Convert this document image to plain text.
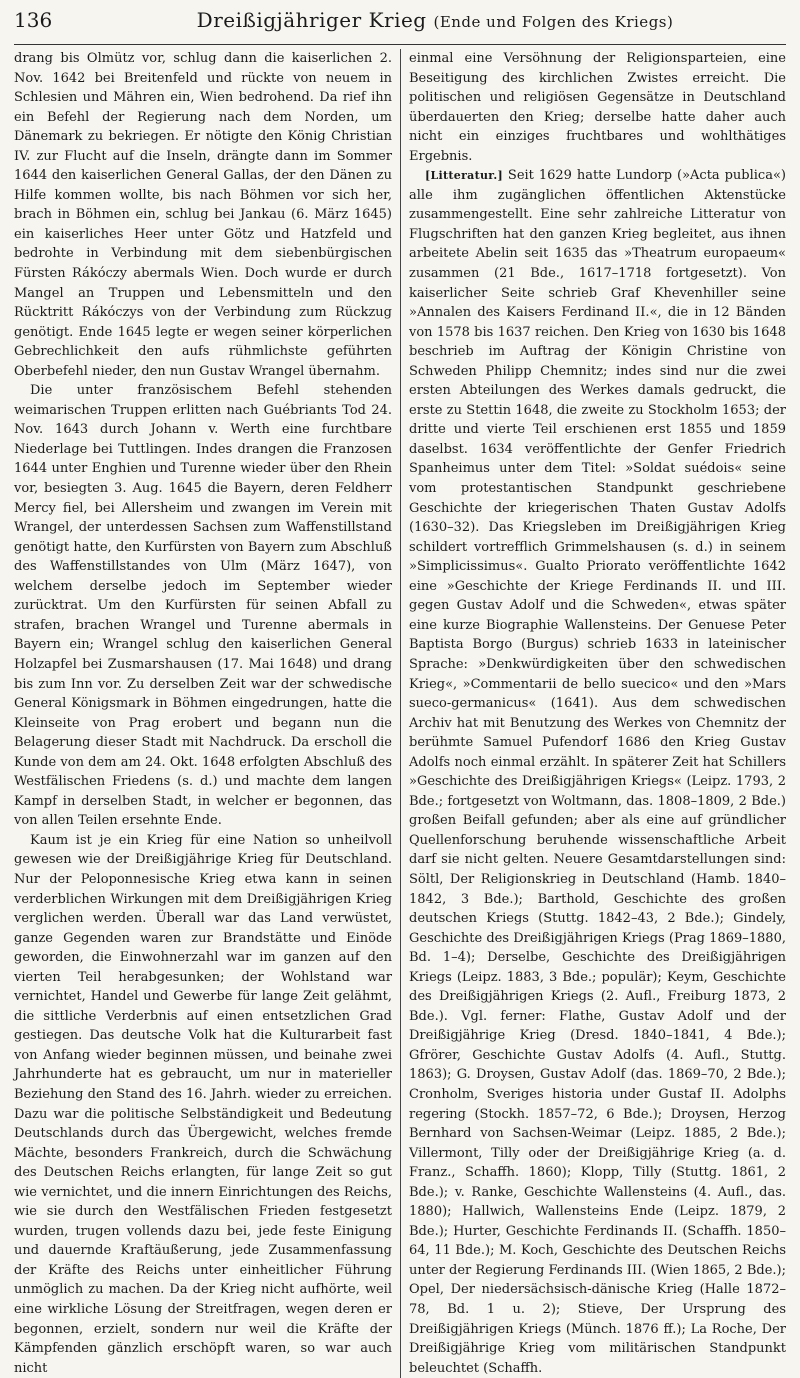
136	Dreißigjähriger Krieg (Ende und Folgen des Kriegs)

drang bis Olmütz vor, schlug dann die kaiserlichen 2. Nov. 1642 bei Breitenfeld und rückte von neuem in Schlesien und Mähren ein, Wien bedrohend. Da rief ihn ein Befehl der Regierung nach dem Norden, um Dänemark zu bekriegen. Er nötigte den König Christian IV. zur Flucht auf die Inseln, drängte dann im Sommer 1644 den kaiserlichen General Gallas, der den Dänen zu Hilfe kommen wollte, bis nach Böhmen vor sich her, brach in Böhmen ein, schlug bei Jankau (6. März 1645) ein kaiserliches Heer unter Götz und Hatzfeld und bedrohte in Verbindung mit dem siebenbürgischen Fürsten Rákóczy abermals Wien. Doch wurde er durch Mangel an Truppen und Lebensmitteln und den Rücktritt Rákóczys von der Verbindung zum Rückzug genötigt. Ende 1645 legte er wegen seiner körperlichen Gebrechlichkeit den aufs rühmlichste geführten Oberbefehl nieder, den nun Gustav Wrangel übernahm.

Die unter französischem Befehl stehenden weimarischen Truppen erlitten nach Guébriants Tod 24. Nov. 1643 durch Johann v. Werth eine furchtbare Niederlage bei Tuttlingen. Indes drangen die Franzosen 1644 unter Enghien und Turenne wieder über den Rhein vor, besiegten 3. Aug. 1645 die Bayern, deren Feldherr Mercy fiel, bei Allersheim und zwangen im Verein mit Wrangel, der unterdessen Sachsen zum Waffenstillstand genötigt hatte, den Kurfürsten von Bayern zum Abschluß des Waffenstillstandes von Ulm (März 1647), von welchem derselbe jedoch im September wieder zurücktrat. Um den Kurfürsten für seinen Abfall zu strafen, brachen Wrangel und Turenne abermals in Bayern ein; Wrangel schlug den kaiserlichen General Holzapfel bei Zusmarshausen (17. Mai 1648) und drang bis zum Inn vor. Zu derselben Zeit war der schwedische General Königsmark in Böhmen eingedrungen, hatte die Kleinseite von Prag erobert und begann nun die Belagerung dieser Stadt mit Nachdruck. Da erscholl die Kunde von dem am 24. Okt. 1648 erfolgten Abschluß des Westfälischen Friedens (s. d.) und machte dem langen Kampf in derselben Stadt, in welcher er begonnen, das von allen Teilen ersehnte Ende.

Kaum ist je ein Krieg für eine Nation so unheilvoll gewesen wie der Dreißigjährige Krieg für Deutschland. Nur der Peloponnesische Krieg etwa kann in seinen verderblichen Wirkungen mit dem Dreißigjährigen Krieg verglichen werden. Überall war das Land verwüstet, ganze Gegenden waren zur Brandstätte und Einöde geworden, die Einwohnerzahl war im ganzen auf den vierten Teil herabgesunken; der Wohlstand war vernichtet, Handel und Gewerbe für lange Zeit gelähmt, die sittliche Verderbnis auf einen entsetzlichen Grad gestiegen. Das deutsche Volk hat die Kulturarbeit fast von Anfang wieder beginnen müssen, und beinahe zwei Jahrhunderte hat es gebraucht, um nur in materieller Beziehung den Stand des 16. Jahrh. wieder zu erreichen. Dazu war die politische Selbständigkeit und Bedeutung Deutschlands durch das Übergewicht, welches fremde Mächte, besonders Frankreich, durch die Schwächung des Deutschen Reichs erlangten, für lange Zeit so gut wie vernichtet, und die innern Einrichtungen des Reichs, wie sie durch den Westfälischen Frieden festgesetzt wurden, trugen vollends dazu bei, jede feste Einigung und dauernde Kraftäußerung, jede Zusammenfassung der Kräfte des Reichs unter einheitlicher Führung unmöglich zu machen. Da der Krieg nicht aufhörte, weil eine wirkliche Lösung der Streitfragen, wegen deren er begonnen, erzielt, sondern nur weil die Kräfte der Kämpfenden gänzlich erschöpft waren, so war auch nicht

einmal eine Versöhnung der Religionsparteien, eine Beseitigung des kirchlichen Zwistes erreicht. Die politischen und religiösen Gegensätze in Deutschland überdauerten den Krieg; derselbe hatte daher auch nicht ein einziges fruchtbares und wohlthätiges Ergebnis.

[Litteratur.] Seit 1629 hatte Lundorp (»Acta publica«) alle ihm zugänglichen öffentlichen Aktenstücke zusammengestellt. Eine sehr zahlreiche Litteratur von Flugschriften hat den ganzen Krieg begleitet, aus ihnen arbeitete Abelin seit 1635 das »Theatrum europaeum« zusammen (21 Bde., 1617–1718 fortgesetzt). Von kaiserlicher Seite schrieb Graf Khevenhiller seine »Annalen des Kaisers Ferdinand II.«, die in 12 Bänden von 1578 bis 1637 reichen. Den Krieg von 1630 bis 1648 beschrieb im Auftrag der Königin Christine von Schweden Philipp Chemnitz; indes sind nur die zwei ersten Abteilungen des Werkes damals gedruckt, die erste zu Stettin 1648, die zweite zu Stockholm 1653; der dritte und vierte Teil erschienen erst 1855 und 1859 daselbst. 1634 veröffentlichte der Genfer Friedrich Spanheimus unter dem Titel: »Soldat suédois« seine vom protestantischen Standpunkt geschriebene Geschichte der kriegerischen Thaten Gustav Adolfs (1630–32). Das Kriegsleben im Dreißigjährigen Krieg schildert vortrefflich Grimmelshausen (s. d.) in seinem »Simplicissimus«. Gualto Priorato veröffentlichte 1642 eine »Geschichte der Kriege Ferdinands II. und III. gegen Gustav Adolf und die Schweden«, etwas später eine kurze Biographie Wallensteins. Der Genuese Peter Baptista Borgo (Burgus) schrieb 1633 in lateinischer Sprache: »Denkwürdigkeiten über den schwedischen Krieg«, »Commentarii de bello suecico« und den »Mars sueco-germanicus« (1641). Aus dem schwedischen Archiv hat mit Benutzung des Werkes von Chemnitz der berühmte Samuel Pufendorf 1686 den Krieg Gustav Adolfs noch einmal erzählt. In späterer Zeit hat Schillers »Geschichte des Dreißigjährigen Kriegs« (Leipz. 1793, 2 Bde.; fortgesetzt von Woltmann, das. 1808–1809, 2 Bde.) großen Beifall gefunden; aber als eine auf gründlicher Quellenforschung beruhende wissenschaftliche Arbeit darf sie nicht gelten. Neuere Gesamtdarstellungen sind: Söltl, Der Religionskrieg in Deutschland (Hamb. 1840–1842, 3 Bde.); Barthold, Geschichte des großen deutschen Kriegs (Stuttg. 1842–43, 2 Bde.); Gindely, Geschichte des Dreißigjährigen Kriegs (Prag 1869–1880, Bd. 1–4); Derselbe, Geschichte des Dreißigjährigen Kriegs (Leipz. 1883, 3 Bde.; populär); Keym, Geschichte des Dreißigjährigen Kriegs (2. Aufl., Freiburg 1873, 2 Bde.). Vgl. ferner: Flathe, Gustav Adolf und der Dreißigjährige Krieg (Dresd. 1840–1841, 4 Bde.); Gfrörer, Geschichte Gustav Adolfs (4. Aufl., Stuttg. 1863); G. Droysen, Gustav Adolf (das. 1869–70, 2 Bde.); Cronholm, Sveriges historia under Gustaf II. Adolphs regering (Stockh. 1857–72, 6 Bde.); Droysen, Herzog Bernhard von Sachsen-Weimar (Leipz. 1885, 2 Bde.); Villermont, Tilly oder der Dreißigjährige Krieg (a. d. Franz., Schaffh. 1860); Klopp, Tilly (Stuttg. 1861, 2 Bde.); v. Ranke, Geschichte Wallensteins (4. Aufl., das. 1880); Hallwich, Wallensteins Ende (Leipz. 1879, 2 Bde.); Hurter, Geschichte Ferdinands II. (Schaffh. 1850–64, 11 Bde.); M. Koch, Geschichte des Deutschen Reichs unter der Regierung Ferdinands III. (Wien 1865, 2 Bde.); Opel, Der niedersächsisch-dänische Krieg (Halle 1872–78, Bd. 1 u. 2); Stieve, Der Ursprung des Dreißigjährigen Kriegs (Münch. 1876 ff.); La Roche, Der Dreißigjährige Krieg vom militärischen Standpunkt beleuchtet (Schaffh.
